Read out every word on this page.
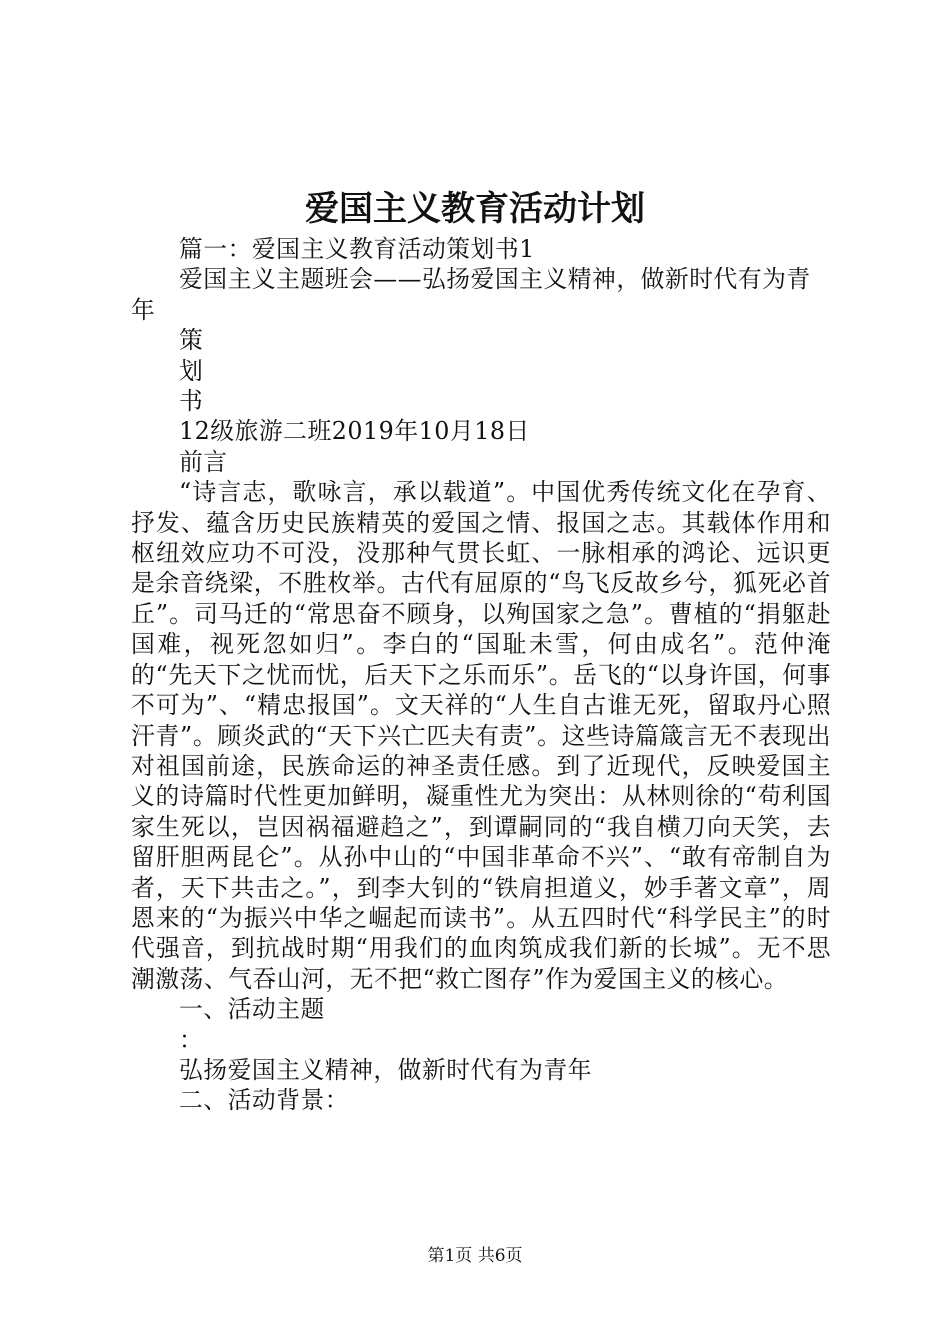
爱国主义教育活动计划

篇一：爱国主义教育活动策划书1

爱国主义主题班会——弘扬爱国主义精神，做新时代有为青年

策

划

书

12级旅游二班2019年10月18日

前言

“诗言志，歌咏言，承以载道”。中国优秀传统文化在孕育、抒发、蕴含历史民族精英的爱国之情、报国之志。其载体作用和枢纽效应功不可没，没那种气贯长虹、一脉相承的鸿论、远识更是余音绕梁，不胜枚举。古代有屈原的“鸟飞反故乡兮，狐死必首丘”。司马迁的“常思奋不顾身，以殉国家之急”。曹植的“捐躯赴国难，视死忽如归”。李白的“国耻未雪，何由成名”。范仲淹的“先天下之忧而忧，后天下之乐而乐”。岳飞的“以身许国，何事不可为”、“精忠报国”。文天祥的“人生自古谁无死，留取丹心照汗青”。顾炎武的“天下兴亡匹夫有责”。这些诗篇箴言无不表现出对祖国前途，民族命运的神圣责任感。到了近现代，反映爱国主义的诗篇时代性更加鲜明，凝重性尤为突出：从林则徐的“苟利国家生死以，岂因祸福避趋之”，到谭嗣同的“我自横刀向天笑，去留肝胆两昆仑”。从孙中山的“中国非革命不兴”、“敢有帝制自为者，天下共击之。”，到李大钊的“铁肩担道义，妙手著文章”，周恩来的“为振兴中华之崛起而读书”。从五四时代“科学民主”的时代强音，到抗战时期“用我们的血肉筑成我们新的长城”。无不思潮激荡、气吞山河，无不把“救亡图存”作为爱国主义的核心。

一、活动主题

：

弘扬爱国主义精神，做新时代有为青年

二、活动背景：

第1页 共6页
